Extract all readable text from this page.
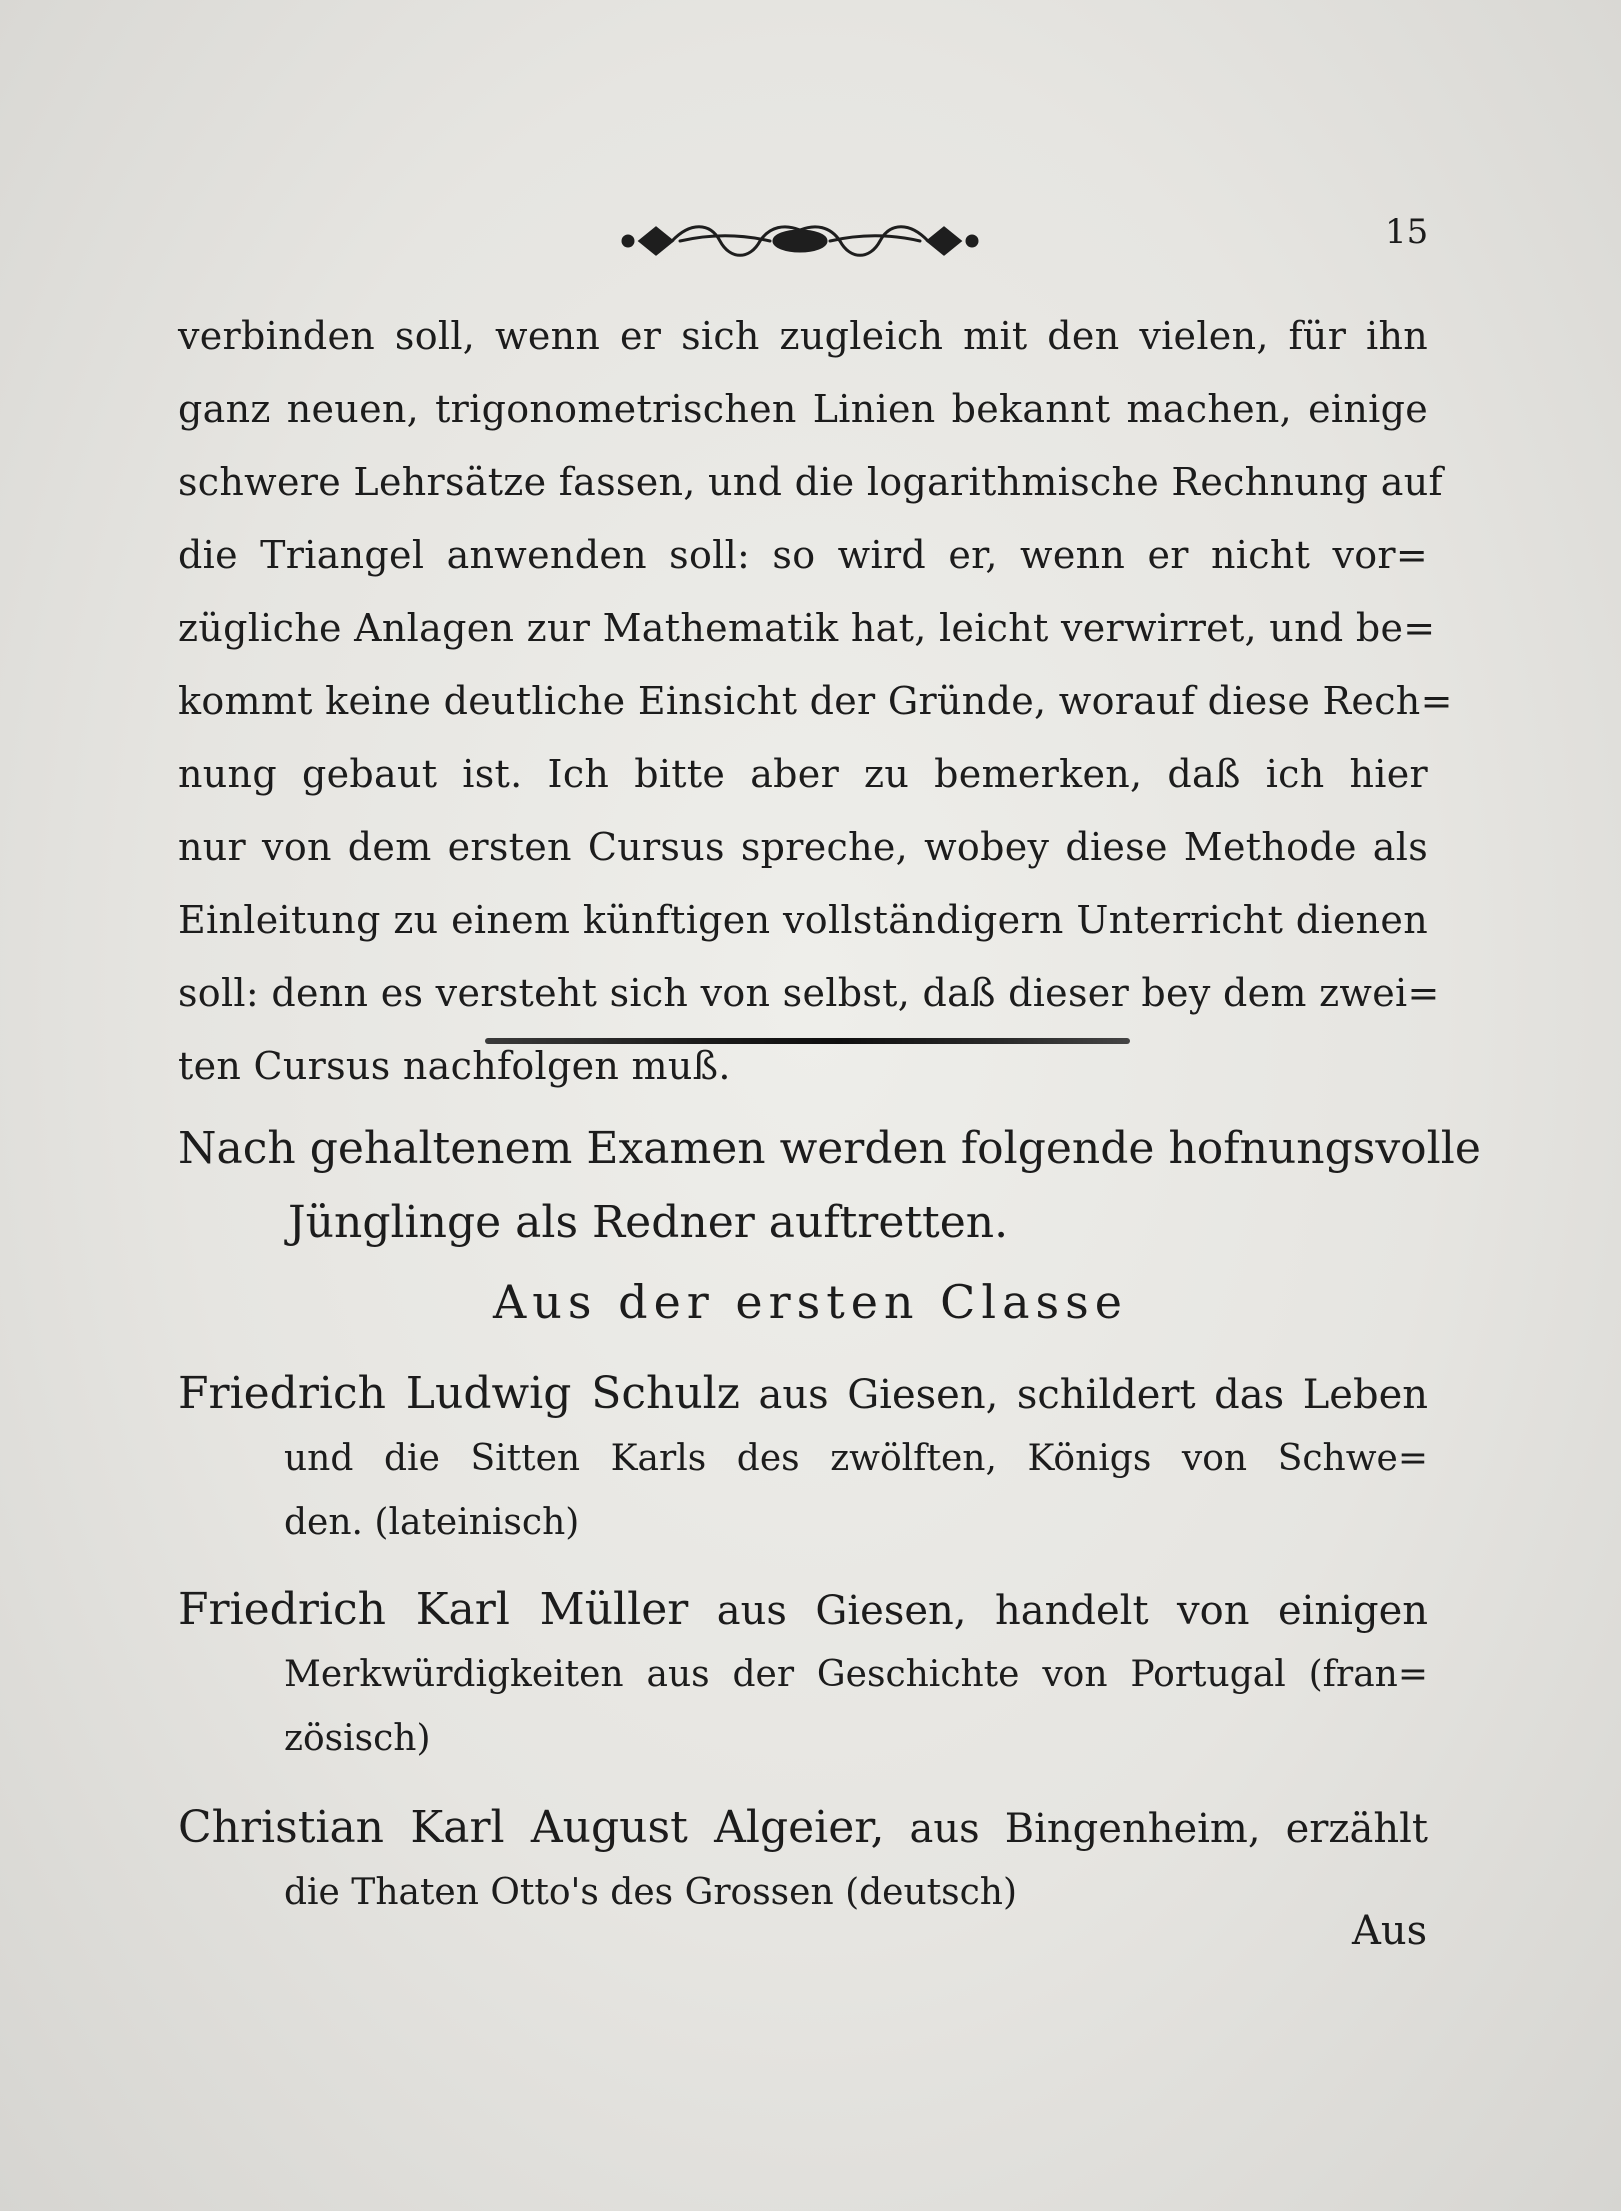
15
verbinden soll, wenn er sich zugleich mit den vielen, für ihn
ganz neuen, trigonometrischen Linien bekannt machen, einige
schwere Lehrsätze fassen, und die logarithmische Rechnung auf
die Triangel anwenden soll: so wird er, wenn er nicht vor=
zügliche Anlagen zur Mathematik hat, leicht verwirret, und be=
kommt keine deutliche Einsicht der Gründe, worauf diese Rech=
nung gebaut ist. Ich bitte aber zu bemerken, daß ich hier
nur von dem ersten Cursus spreche, wobey diese Methode als
Einleitung zu einem künftigen vollständigern Unterricht dienen
soll: denn es versteht sich von selbst, daß dieser bey dem zwei=
ten Cursus nachfolgen muß.
Nach gehaltenem Examen werden folgende hofnungsvolle
Jünglinge als Redner auftretten.
Aus der ersten Classe
Friedrich Ludwig Schulz aus Giesen, schildert das Leben
und die Sitten Karls des zwölften, Königs von Schwe=
den. (lateinisch)
Friedrich Karl Müller aus Giesen, handelt von einigen
Merkwürdigkeiten aus der Geschichte von Portugal (fran=
zösisch)
Christian Karl August Algeier, aus Bingenheim, erzählt
die Thaten Otto's des Grossen (deutsch)
Aus
